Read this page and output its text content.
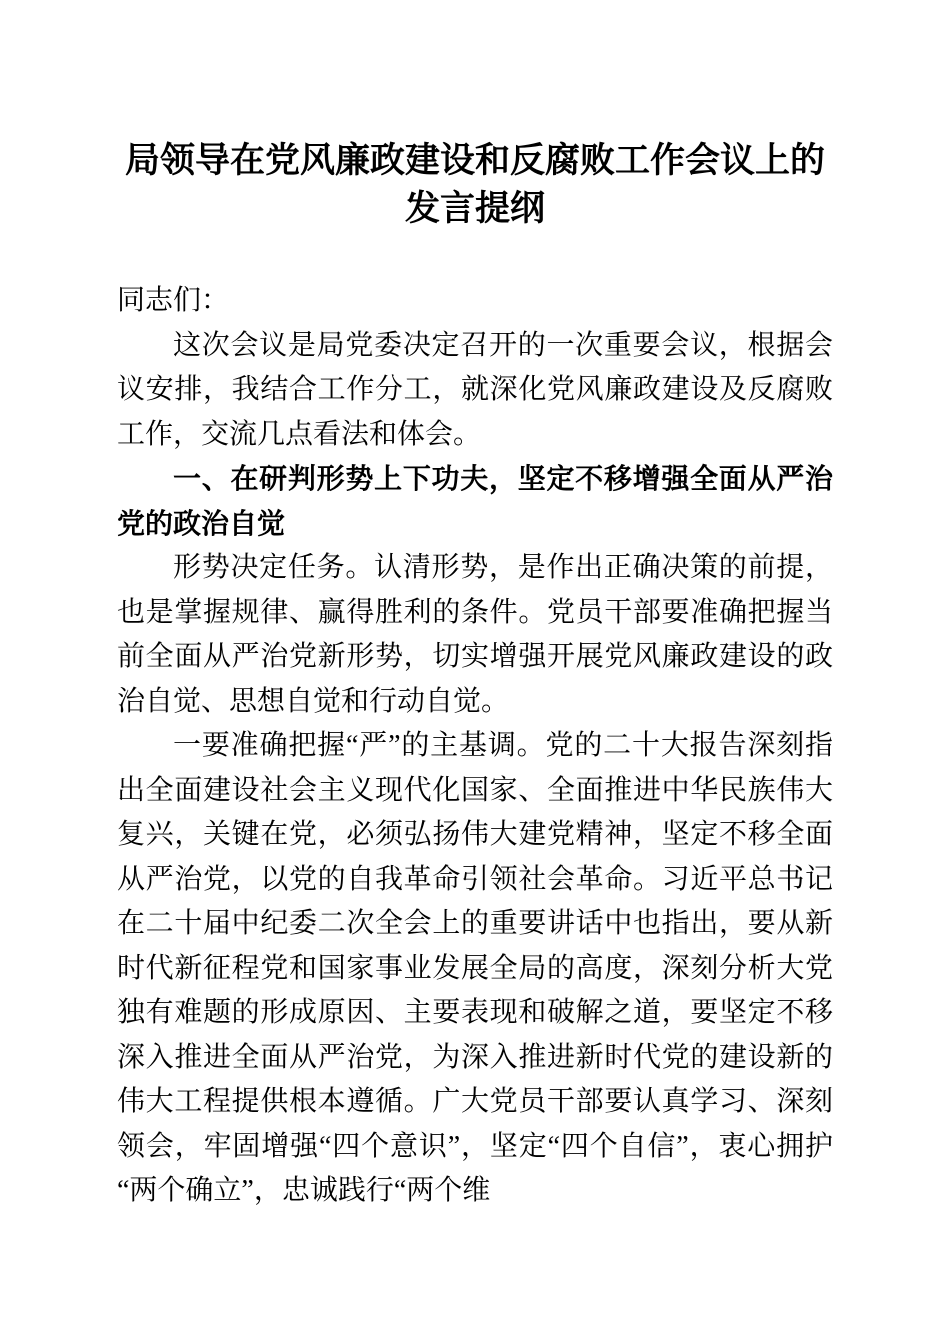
局领导在党风廉政建设和反腐败工作会议上的发言提纲

同志们：

这次会议是局党委决定召开的一次重要会议，根据会议安排，我结合工作分工，就深化党风廉政建设及反腐败工作，交流几点看法和体会。

一、在研判形势上下功夫，坚定不移增强全面从严治党的政治自觉

形势决定任务。认清形势，是作出正确决策的前提，也是掌握规律、赢得胜利的条件。党员干部要准确把握当前全面从严治党新形势，切实增强开展党风廉政建设的政治自觉、思想自觉和行动自觉。

一要准确把握“严”的主基调。党的二十大报告深刻指出全面建设社会主义现代化国家、全面推进中华民族伟大复兴，关键在党，必须弘扬伟大建党精神，坚定不移全面从严治党，以党的自我革命引领社会革命。习近平总书记在二十届中纪委二次全会上的重要讲话中也指出，要从新时代新征程党和国家事业发展全局的高度，深刻分析大党独有难题的形成原因、主要表现和破解之道，要坚定不移深入推进全面从严治党，为深入推进新时代党的建设新的伟大工程提供根本遵循。广大党员干部要认真学习、深刻领会，牢固增强“四个意识”，坚定“四个自信”，衷心拥护“两个确立”，忠诚践行“两个维
